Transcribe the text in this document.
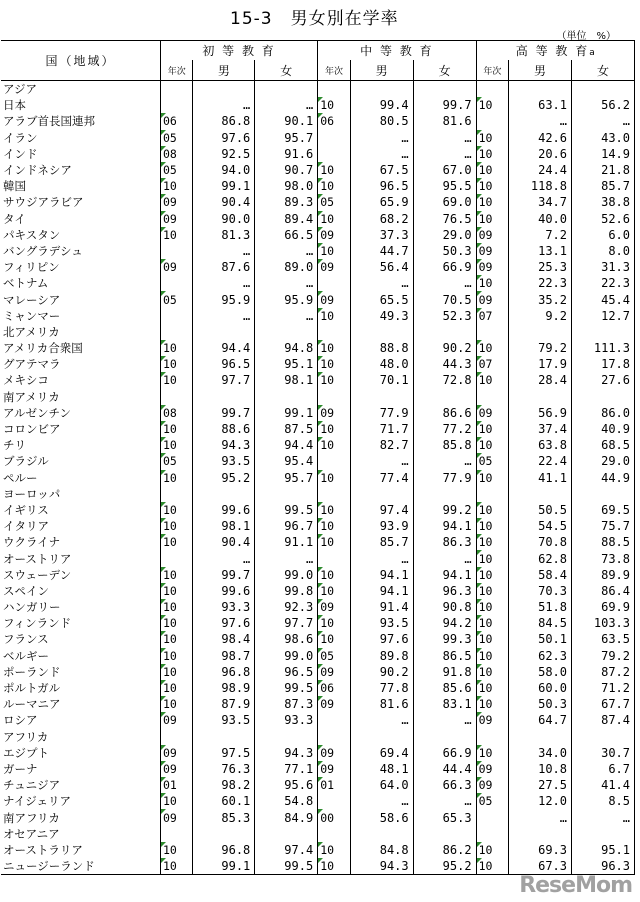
15-3　男女別在学率
（単位　%）
国（地域）	初 等 教 育			中 等 教 育			高 等 教 育a		
	年次	男	女	年次	男	女	年次	男	女
アジア									
日本		…	…	10	99.4	99.7	10	63.1	56.2
アラブ首長国連邦	06	86.8	90.1	06	80.5	81.6		…	…
イラン	05	97.6	95.7		…	…	10	42.6	43.0
インド	08	92.5	91.6		…	…	10	20.6	14.9
インドネシア	05	94.0	90.7	10	67.5	67.0	10	24.4	21.8
韓国	10	99.1	98.0	10	96.5	95.5	10	118.8	85.7
サウジアラビア	09	90.4	89.3	05	65.9	69.0	10	34.7	38.8
タイ	09	90.0	89.4	10	68.2	76.5	10	40.0	52.6
パキスタン	10	81.3	66.5	09	37.3	29.0	09	7.2	6.0
バングラデシュ		…	…	10	44.7	50.3	09	13.1	8.0
フィリピン	09	87.6	89.0	09	56.4	66.9	09	25.3	31.3
ベトナム		…	…		…	…	10	22.3	22.3
マレーシア	05	95.9	95.9	09	65.5	70.5	09	35.2	45.4
ミャンマー		…	…	10	49.3	52.3	07	9.2	12.7
北アメリカ									
アメリカ合衆国	10	94.4	94.8	10	88.8	90.2	10	79.2	111.3
グアテマラ	10	96.5	95.1	10	48.0	44.3	07	17.9	17.8
メキシコ	10	97.7	98.1	10	70.1	72.8	10	28.4	27.6
南アメリカ									
アルゼンチン	08	99.7	99.1	09	77.9	86.6	09	56.9	86.0
コロンビア	10	88.6	87.5	10	71.7	77.2	10	37.4	40.9
チリ	10	94.3	94.4	10	82.7	85.8	10	63.8	68.5
ブラジル	05	93.5	95.4		…	…	05	22.4	29.0
ペルー	10	95.2	95.7	10	77.4	77.9	10	41.1	44.9
ヨーロッパ									
イギリス	10	99.6	99.5	10	97.4	99.2	10	50.5	69.5
イタリア	10	98.1	96.7	10	93.9	94.1	10	54.5	75.7
ウクライナ	10	90.4	91.1	10	85.7	86.3	10	70.8	88.5
オーストリア		…	…		…	…	10	62.8	73.8
スウェーデン	10	99.7	99.0	10	94.1	94.1	10	58.4	89.9
スペイン	10	99.6	99.8	10	94.1	96.3	10	70.3	86.4
ハンガリー	10	93.3	92.3	09	91.4	90.8	10	51.8	69.9
フィンランド	10	97.6	97.7	10	93.5	94.2	10	84.5	103.3
フランス	10	98.4	98.6	10	97.6	99.3	10	50.1	63.5
ベルギー	10	98.7	99.0	05	89.8	86.5	10	62.3	79.2
ポーランド	10	96.8	96.5	09	90.2	91.8	10	58.0	87.2
ポルトガル	10	98.9	99.5	06	77.8	85.6	10	60.0	71.2
ルーマニア	10	87.9	87.3	09	81.6	83.1	10	50.3	67.7
ロシア	09	93.5	93.3		…	…	09	64.7	87.4
アフリカ									
エジプト	09	97.5	94.3	09	69.4	66.9	10	34.0	30.7
ガーナ	09	76.3	77.1	09	48.1	44.4	09	10.8	6.7
チュニジア	01	98.2	95.6	01	64.0	66.3	09	27.5	41.4
ナイジェリア	10	60.1	54.8		…	…	05	12.0	8.5
南アフリカ	09	85.3	84.9	00	58.6	65.3		…	…
オセアニア									
オーストラリア	10	96.8	97.4	10	84.8	86.2	10	69.3	95.1
ニュージーランド	10	99.1	99.5	10	94.3	95.2	10	67.3	96.3
ReseMom
